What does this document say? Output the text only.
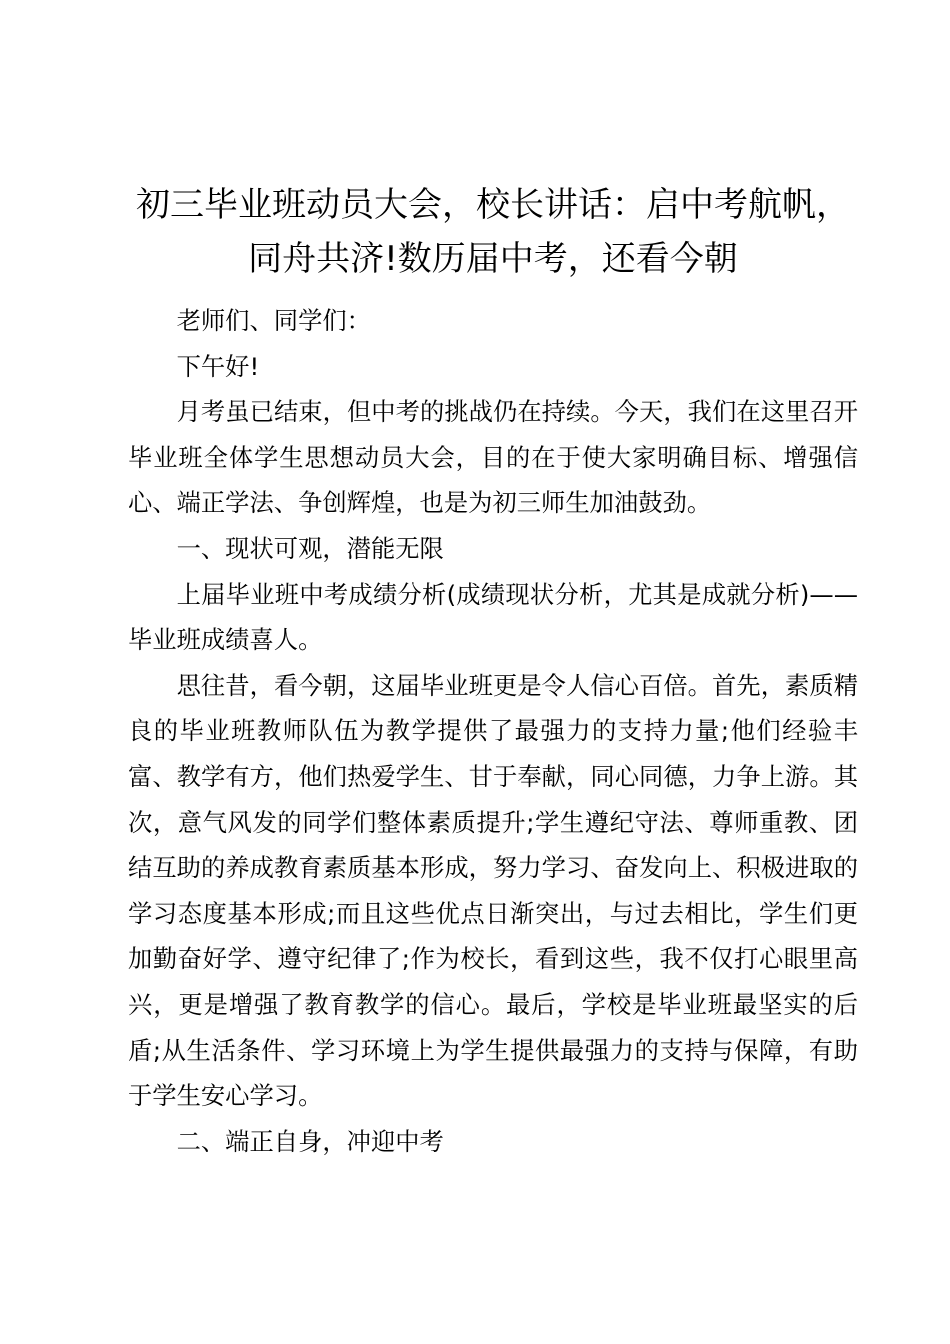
初三毕业班动员大会，校长讲话：启中考航帆，同舟共济!数历届中考，还看今朝

老师们、同学们：

下午好!

月考虽已结束，但中考的挑战仍在持续。今天，我们在这里召开毕业班全体学生思想动员大会，目的在于使大家明确目标、增强信心、端正学法、争创辉煌，也是为初三师生加油鼓劲。

一、现状可观，潜能无限

上届毕业班中考成绩分析(成绩现状分析，尤其是成就分析)——毕业班成绩喜人。

思往昔，看今朝，这届毕业班更是令人信心百倍。首先，素质精良的毕业班教师队伍为教学提供了最强力的支持力量;他们经验丰富、教学有方，他们热爱学生、甘于奉献，同心同德，力争上游。其次，意气风发的同学们整体素质提升;学生遵纪守法、尊师重教、团结互助的养成教育素质基本形成，努力学习、奋发向上、积极进取的学习态度基本形成;而且这些优点日渐突出，与过去相比，学生们更加勤奋好学、遵守纪律了;作为校长，看到这些，我不仅打心眼里高兴，更是增强了教育教学的信心。最后，学校是毕业班最坚实的后盾;从生活条件、学习环境上为学生提供最强力的支持与保障，有助于学生安心学习。

二、端正自身，冲迎中考
